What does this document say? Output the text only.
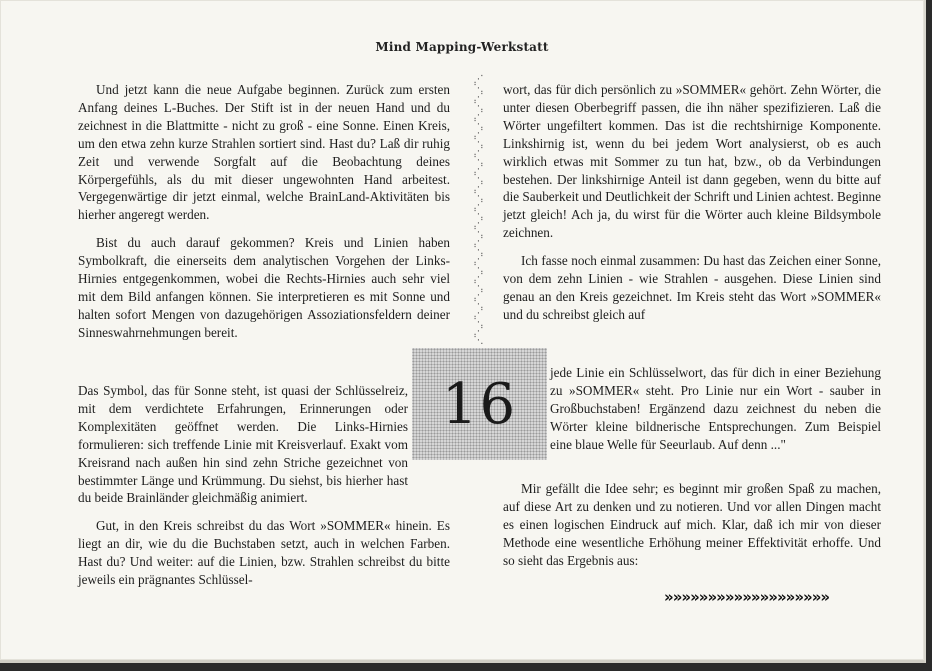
Mind Mapping-Werkstatt

Und jetzt kann die neue Aufgabe beginnen. Zurück zum ersten Anfang deines L-Buches. Der Stift ist in der neuen Hand und du zeichnest in die Blattmitte - nicht zu groß - eine Sonne. Einen Kreis, um den etwa zehn kurze Strahlen sortiert sind. Hast du? Laß dir ruhig Zeit und verwende Sorgfalt auf die Beobachtung deines Körpergefühls, als du mit dieser ungewohnten Hand arbeitest. Vergegenwärtige dir jetzt einmal, welche BrainLand-Aktivitäten bis hierher angeregt werden.

Bist du auch darauf gekommen? Kreis und Linien haben Symbolkraft, die einerseits dem analytischen Vorgehen der Links-Hirnies entgegenkommen, wobei die Rechts-Hirnies auch sehr viel mit dem Bild anfangen können. Sie interpretieren es mit Sonne und halten sofort Mengen von dazugehörigen Assoziationsfeldern deiner Sinneswahrnehmungen bereit.

Das Symbol, das für Sonne steht, ist quasi der Schlüsselreiz, mit dem verdichtete Erfahrungen, Erinnerungen oder Komplexitäten geöffnet werden. Die Links-Hirnies formulieren: sich treffende Linie mit Kreisverlauf. Exakt vom Kreisrand nach außen hin sind zehn Striche gezeichnet von bestimmter Länge und Krümmung. Du siehst, bis hierher hast du beide Brainländer gleichmäßig animiert.

Gut, in den Kreis schreibst du das Wort »SOMMER« hinein. Es liegt an dir, wie du die Buchstaben setzt, auch in welchen Farben. Hast du? Und weiter: auf die Linien, bzw. Strahlen schreibst du bitte jeweils ein prägnantes Schlüssel-

⋰
⋱
⋰
⋱
⋰
⋱
⋰
⋱
⋰
⋱
⋰
⋱
⋰
⋱
⋰
⋱
⋰
⋱
⋰
⋱
⋰
⋱
⋰
⋱
⋰
⋱
⋰
⋱
⋰
⋱

wort, das für dich persönlich zu »SOMMER« gehört. Zehn Wörter, die unter diesen Oberbegriff passen, die ihn näher spezifizieren. Laß die Wörter ungefiltert kommen. Das ist die rechtshirnige Komponente. Linkshirnig ist, wenn du bei jedem Wort analysierst, ob es auch wirklich etwas mit Sommer zu tun hat, bzw., ob da Verbindungen bestehen. Der linkshirnige Anteil ist dann gegeben, wenn du bitte auf die Sauberkeit und Deutlichkeit der Schrift und Linien achtest. Beginne jetzt gleich! Ach ja, du wirst für die Wörter auch kleine Bildsymbole zeichnen.

Ich fasse noch einmal zusammen: Du hast das Zeichen einer Sonne, von dem zehn Linien - wie Strahlen - ausgehen. Diese Linien sind genau an den Kreis gezeichnet. Im Kreis steht das Wort »SOMMER« und du schreibst gleich auf

jede Linie ein Schlüsselwort, das für dich in einer Beziehung zu »SOMMER« steht. Pro Linie nur ein Wort - sauber in Großbuchstaben! Ergänzend dazu zeichnest du neben die Wörter kleine bildnerische Entsprechungen. Zum Beispiel eine blaue Welle für Seeurlaub. Auf denn ..."

Mir gefällt die Idee sehr; es beginnt mir großen Spaß zu machen, auf diese Art zu denken und zu notieren. Und vor allen Dingen macht es einen logischen Eindruck auf mich. Klar, daß ich mir von dieser Methode eine wesentliche Erhöhung meiner Effektivität erhoffe. Und so sieht das Ergebnis aus:

16
»»»»»»»»»»»»»»»»»»»
